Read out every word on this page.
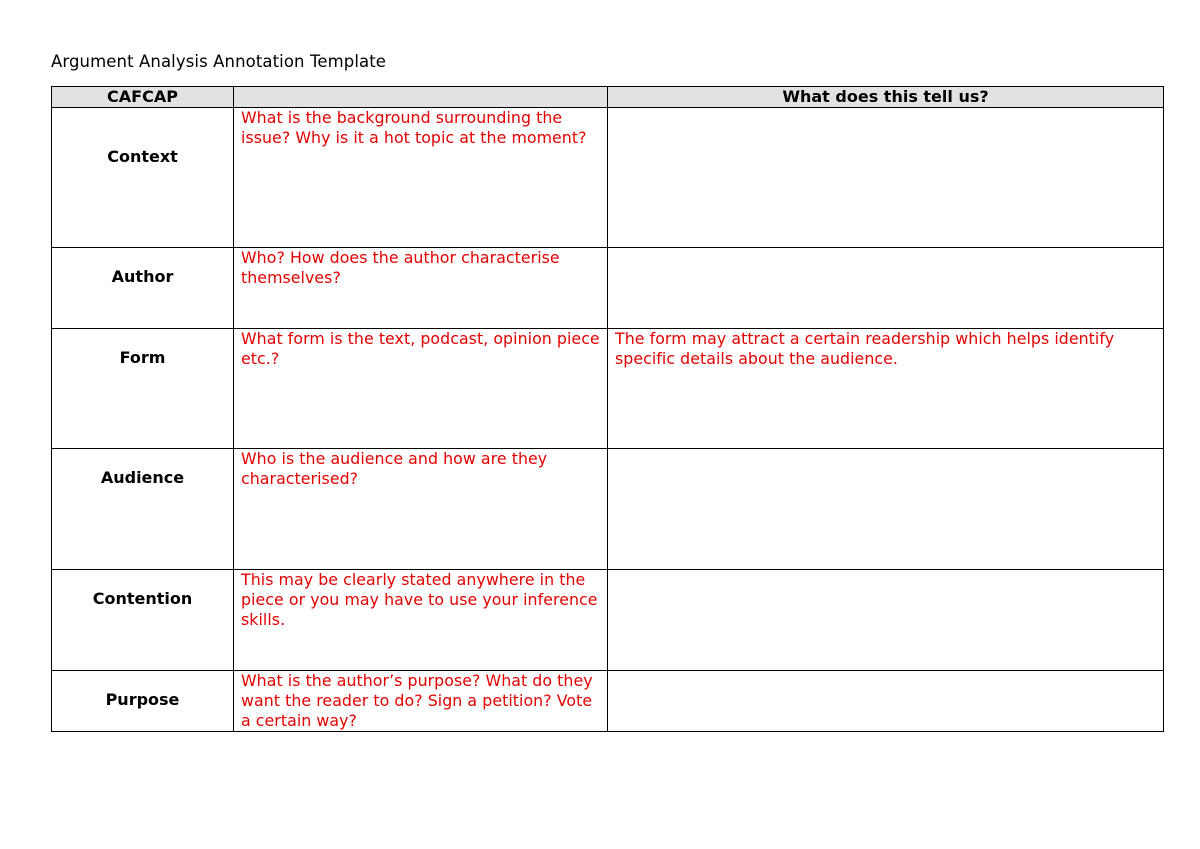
Argument Analysis Annotation Template
CAFCAP		What does this tell us?

Context	What is the background surrounding the issue? Why is it a hot topic at the moment?	

Author	Who? How does the author characterise themselves?	

Form	What form is the text, podcast, opinion piece etc.?	The form may attract a certain readership which helps identify specific details about the audience.

Audience	Who is the audience and how are they characterised?	

Contention	This may be clearly stated anywhere in the piece or you may have to use your inference skills.	

Purpose	What is the author’s purpose? What do they want the reader to do? Sign a petition? Vote a certain way?	
